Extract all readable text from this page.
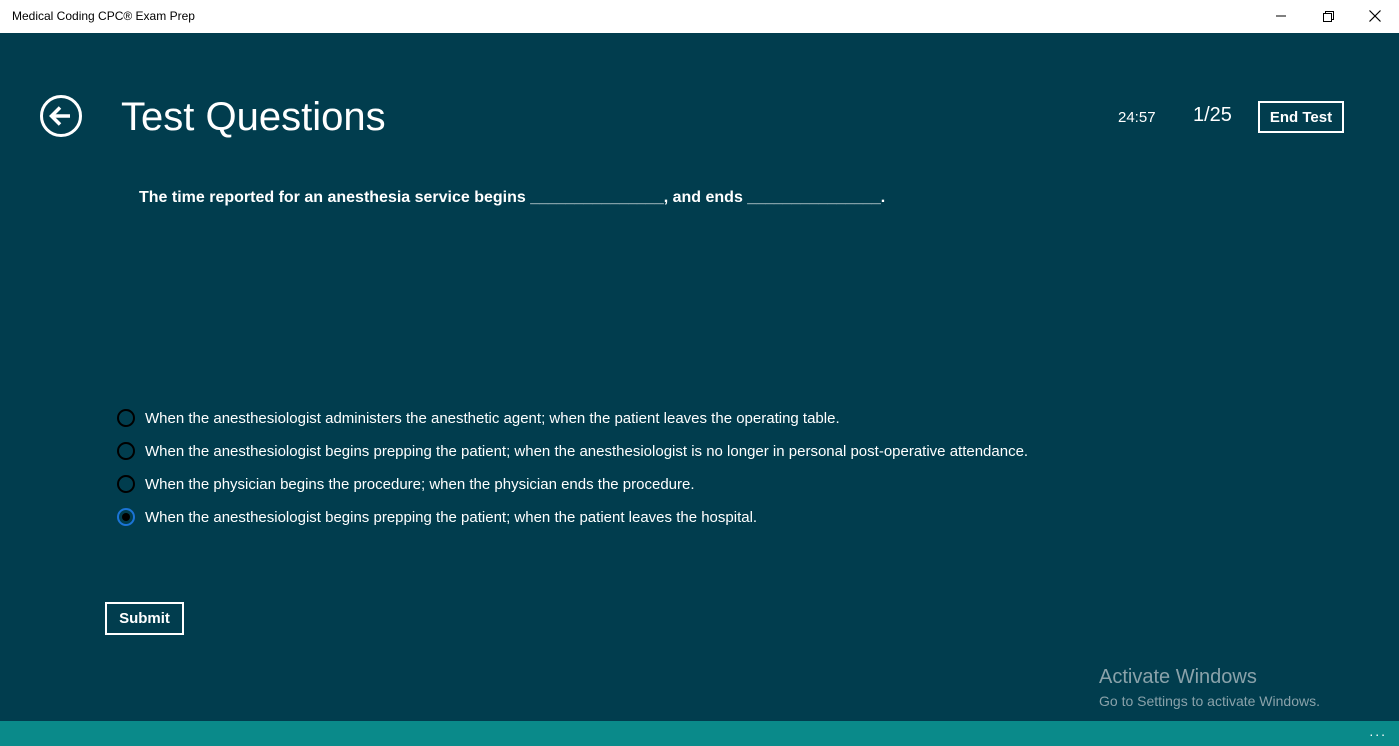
Medical Coding CPC® Exam Prep
Test Questions	24:57 1/25	End Test
The time reported for an anesthesia service begins _______________, and ends _______________.
When the anesthesiologist administers the anesthetic agent; when the patient leaves the operating table.
When the anesthesiologist begins prepping the patient; when the anesthesiologist is no longer in personal post-operative attendance.
When the physician begins the procedure; when the physician ends the procedure.
When the anesthesiologist begins prepping the patient; when the patient leaves the hospital.
Submit
Activate Windows
Go to Settings to activate Windows.
...
